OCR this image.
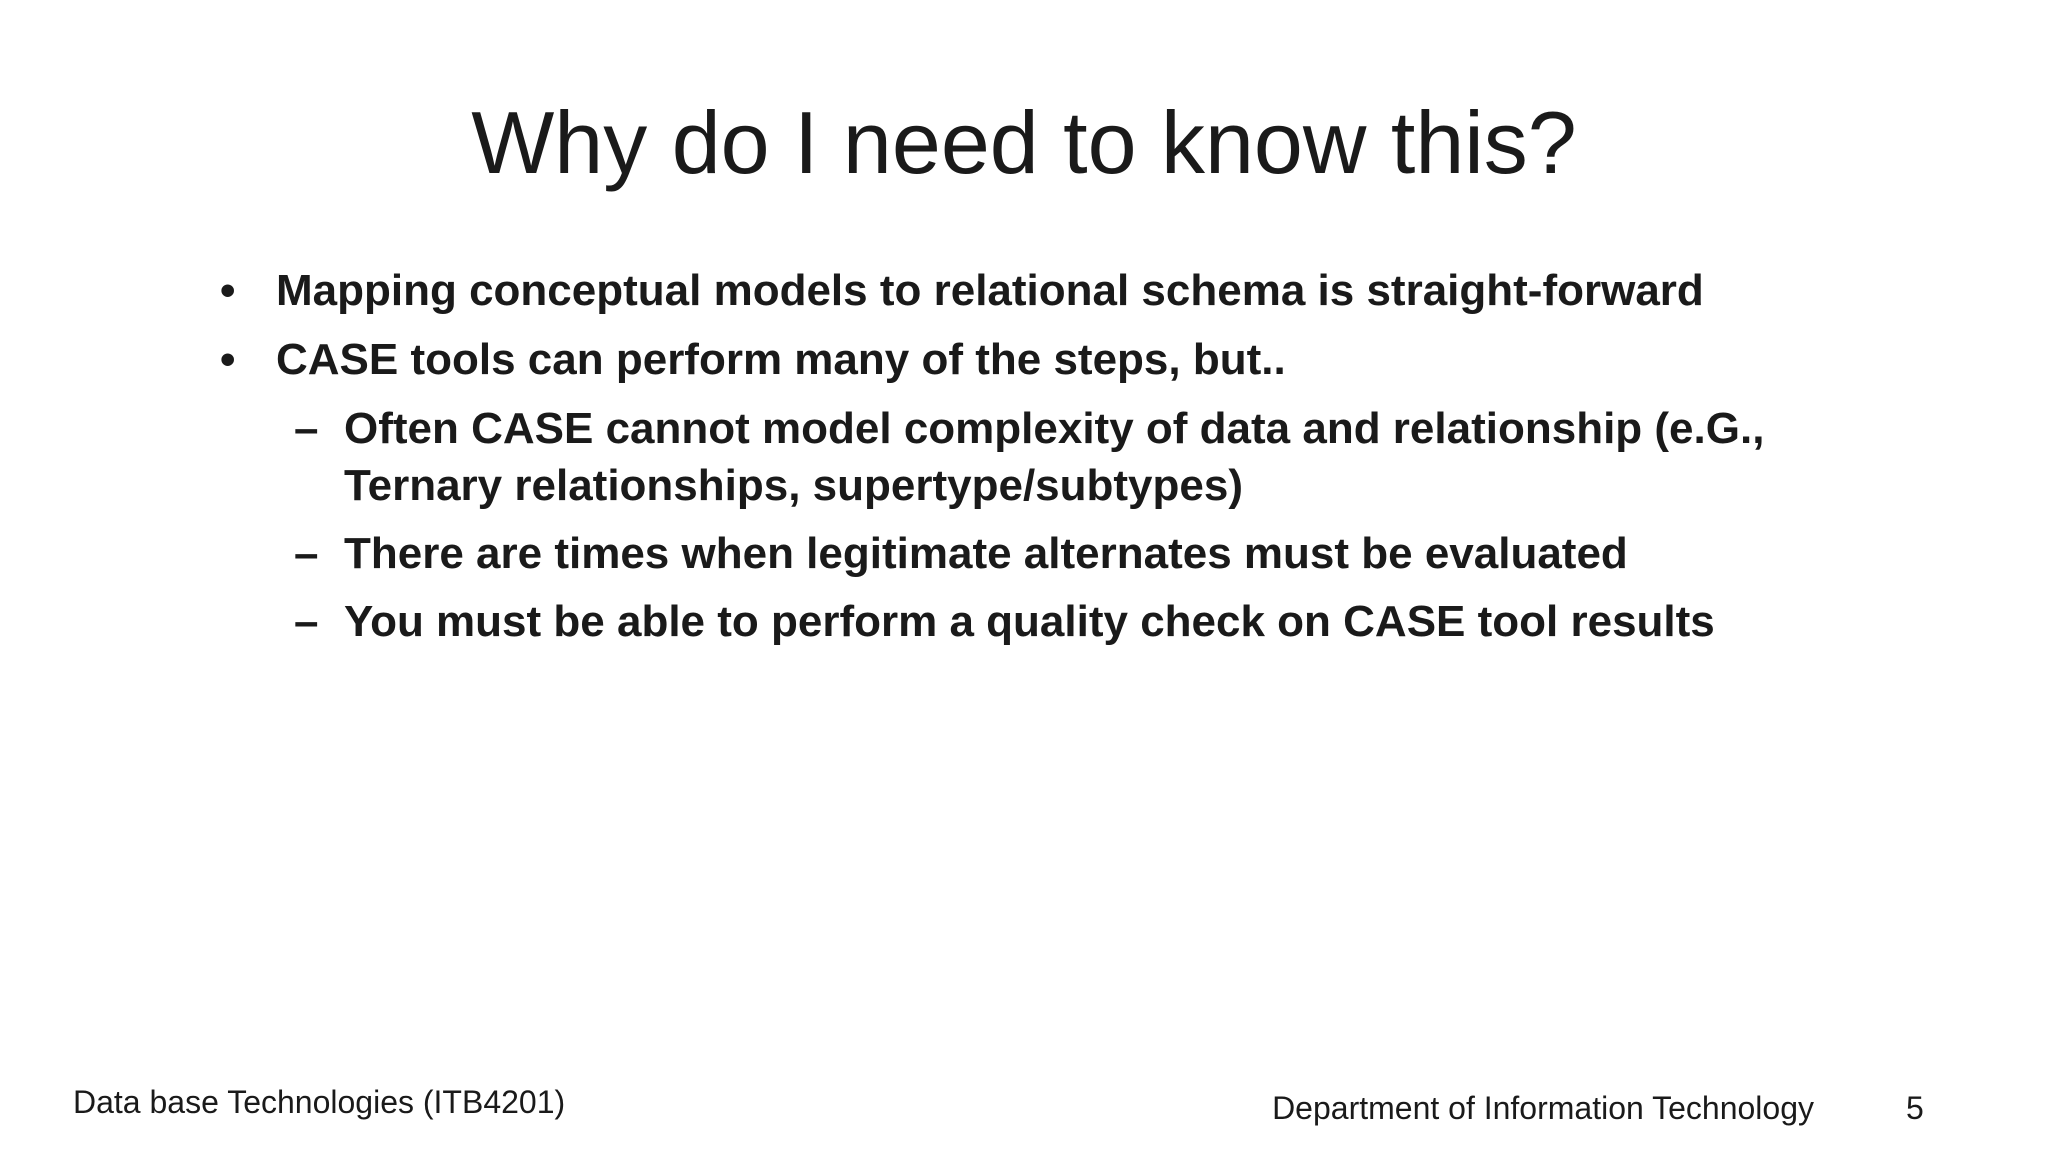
Why do I need to know this?
• Mapping conceptual models to relational schema is straight-forward
• CASE tools can perform many of the steps, but..
– Often CASE cannot model complexity of data and relationship (e.G., Ternary relationships, supertype/subtypes)
– There are times when legitimate alternates must be evaluated
– You must be able to perform a quality check on CASE tool results
Data base Technologies (ITB4201)	Department of Information Technology	5
